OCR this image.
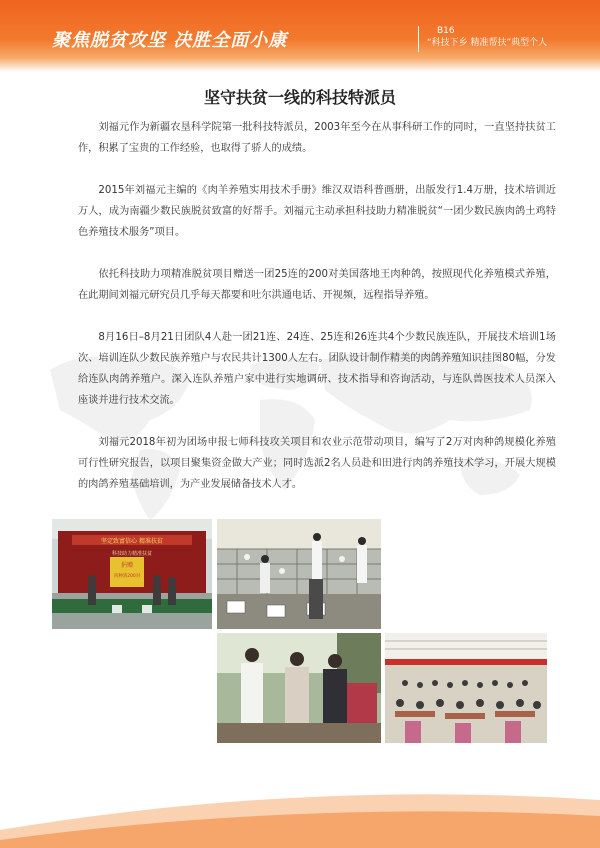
聚焦脱贫攻坚 决胜全面小康	B16
“科技下乡 精准帮扶”典型个人
坚守扶贫一线的科技特派员

刘福元作为新疆农垦科学院第一批科技特派员，2003年至今在从事科研工作的同时，一直坚持扶贫工作，积累了宝贵的工作经验，也取得了骄人的成绩。

2015年刘福元主编的《肉羊养殖实用技术手册》维汉双语科普画册，出版发行1.4万册，技术培训近万人，成为南疆少数民族脱贫致富的好帮手。刘福元主动承担科技助力精准脱贫“一团少数民族肉鸽土鸡特色养殖技术服务”项目。

依托科技助力项精准脱贫项目赠送一团25连的200对美国落地王肉种鸽，按照现代化养殖模式养殖，在此期间刘福元研究员几乎每天都要和吐尔洪通电话、开视频，远程指导养殖。

8月16日–8月21日团队4人赴一团21连、24连、25连和26连共4个少数民族连队，开展技术培训1场次、培训连队少数民族养殖户与农民共计1300人左右。团队设计制作精美的肉鸽养殖知识挂图80幅，分发给连队肉鸽养殖户。深入连队养殖户家中进行实地调研、技术指导和咨询活动，与连队兽医技术人员深入座谈并进行技术交流。

刘福元2018年初为团场申报七师科技攻关项目和农业示范带动项目，编写了2万对肉种鸽规模化养殖可行性研究报告，以项目聚集资金做大产业；同时选派2名人员赴和田进行肉鸽养殖技术学习，开展大规模的肉鸽养殖基础培训，为产业发展储备技术人才。

坚定致富信心 精准扶贫
科技助力精准扶贫
捐赠
肉种鸽200对
